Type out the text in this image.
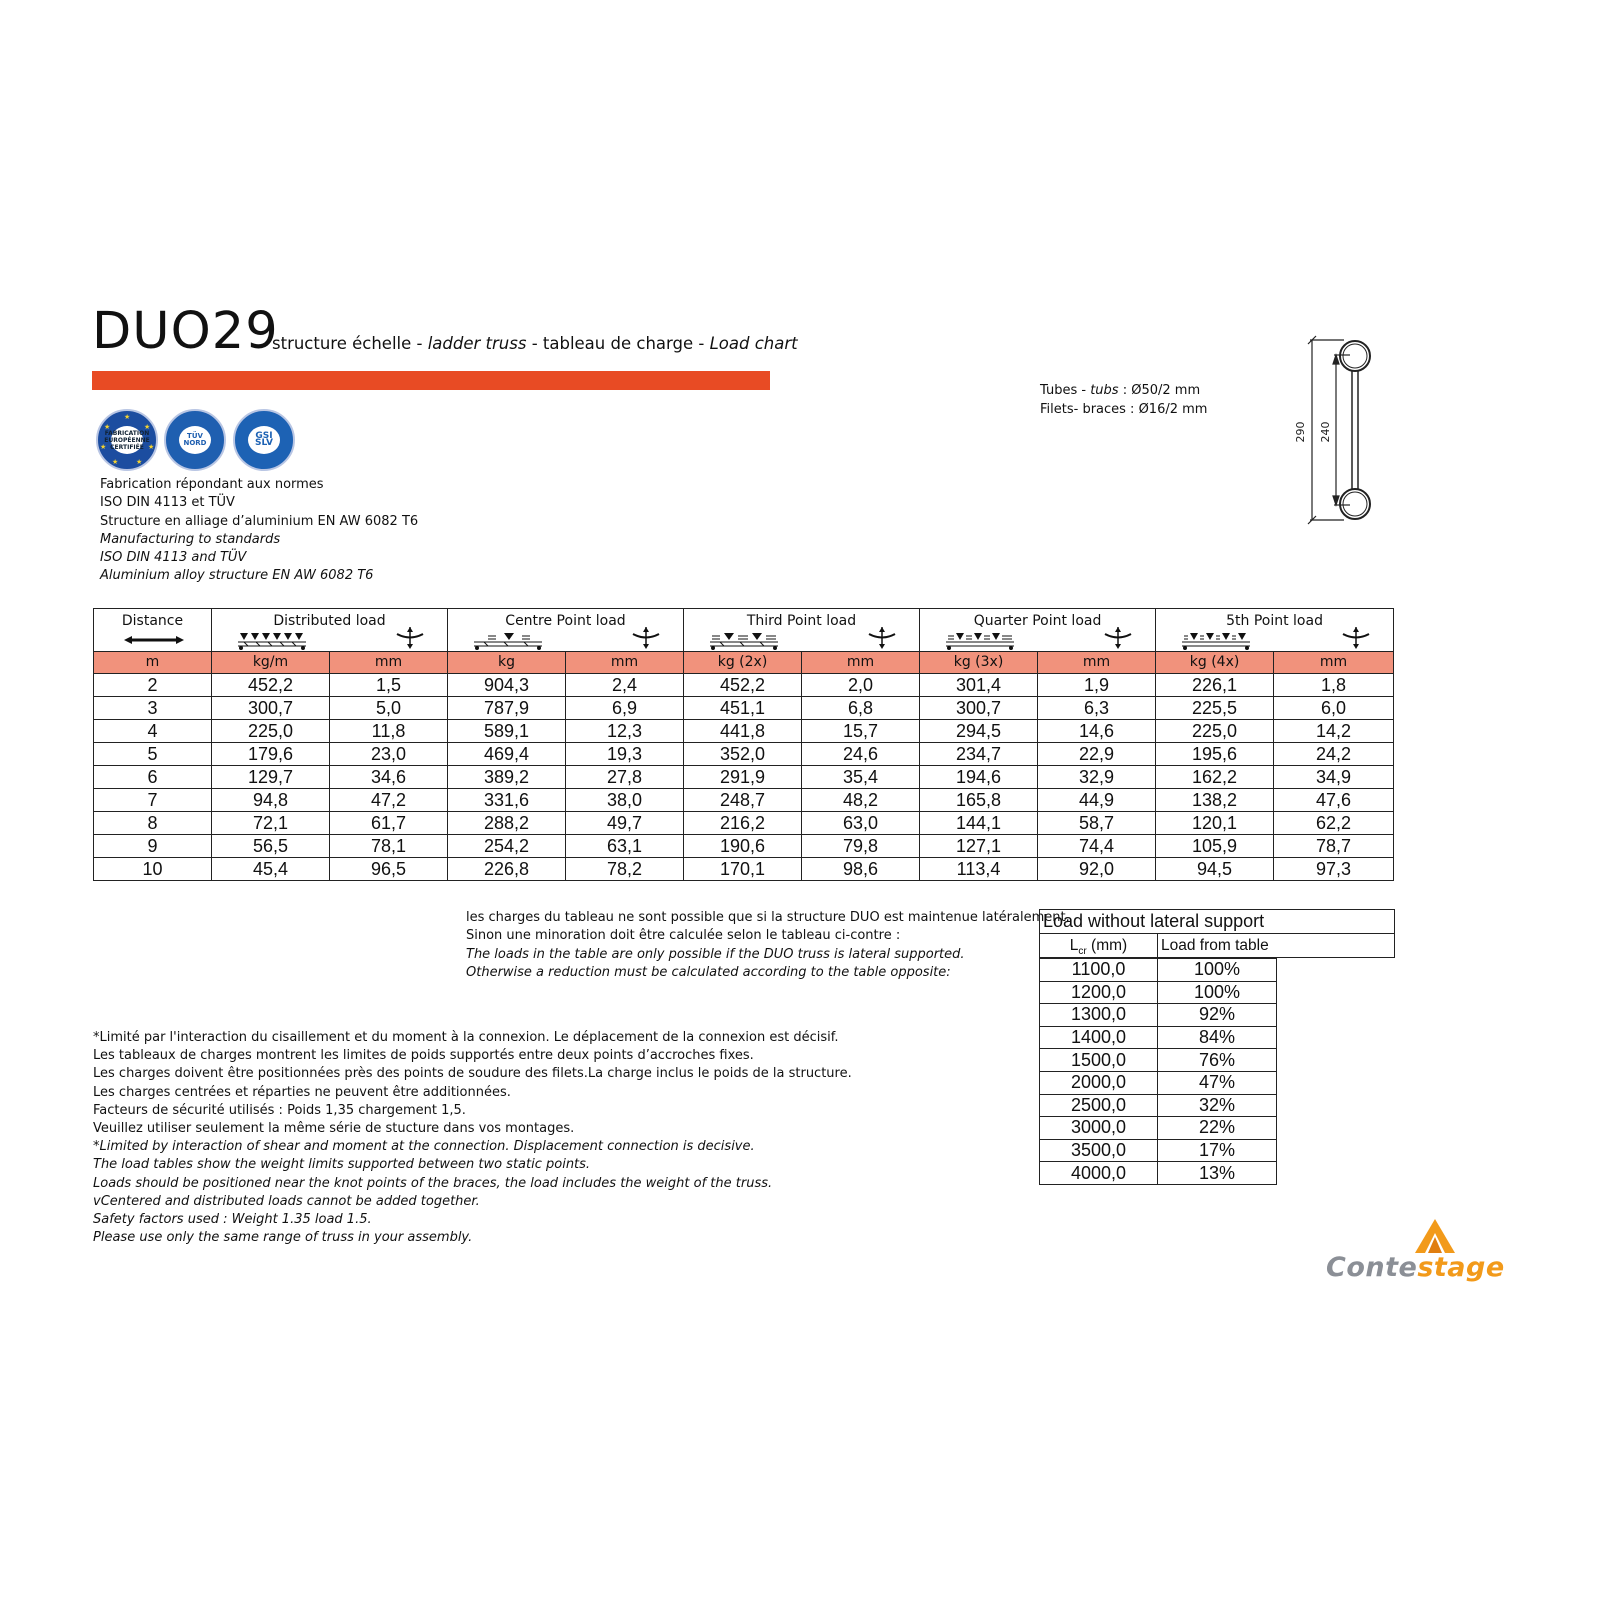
DUO29
structure échelle - ladder truss - tableau de charge - Load chart
★
★	★
★	★
★	★
FABRICATION EUROPÉENNE CERTIFIÉE
TÜV NORD
GSI SLV
Fabrication répondant aux normes
ISO DIN 4113 et TÜV
Structure en alliage d’aluminium EN AW 6082 T6
Manufacturing to standards
ISO DIN 4113 and TÜV
Aluminium alloy structure EN AW 6082 T6
Tubes - tubs : Ø50/2 mm
Filets- braces : Ø16/2 mm
290 240
Distance	Distributed load		Centre Point load		Third Point load		Quarter Point load		5th Point load	

m	kg/m	mm	kg	mm	kg (2x)	mm	kg (3x)	mm	kg (4x)	mm
2	452,2	1,5	904,3	2,4	452,2	2,0	301,4	1,9	226,1	1,8
3	300,7	5,0	787,9	6,9	451,1	6,8	300,7	6,3	225,5	6,0
4	225,0	11,8	589,1	12,3	441,8	15,7	294,5	14,6	225,0	14,2
5	179,6	23,0	469,4	19,3	352,0	24,6	234,7	22,9	195,6	24,2
6	129,7	34,6	389,2	27,8	291,9	35,4	194,6	32,9	162,2	34,9
7	94,8	47,2	331,6	38,0	248,7	48,2	165,8	44,9	138,2	47,6
8	72,1	61,7	288,2	49,7	216,2	63,0	144,1	58,7	120,1	62,2
9	56,5	78,1	254,2	63,1	190,6	79,8	127,1	74,4	105,9	78,7
10	45,4	96,5	226,8	78,2	170,1	98,6	113,4	92,0	94,5	97,3
les charges du tableau ne sont possible que si la structure DUO est maintenue latéralement.
Sinon une minoration doit être calculée selon le tableau ci-contre :
The loads in the table are only possible if the DUO truss is lateral supported.
Otherwise a reduction must be calculated according to the table opposite:
Load without lateral support
$L_{cr}$ (mm)	Load from table
1100,0	100%
1200,0	100%
1300,0	92%
1400,0	84%
1500,0	76%
2000,0	47%
2500,0	32%
3000,0	22%
3500,0	17%
4000,0	13%
*Limité par l'interaction du cisaillement et du moment à la connexion. Le déplacement de la connexion est décisif.
Les tableaux de charges montrent les limites de poids supportés entre deux points d’accroches fixes.
Les charges doivent être positionnées près des points de soudure des filets.La charge inclus le poids de la structure.
Les charges centrées et réparties ne peuvent être additionnées.
Facteurs de sécurité utilisés : Poids 1,35 chargement 1,5.
Veuillez utiliser seulement la même série de stucture dans vos montages.
*Limited by interaction of shear and moment at the connection. Displacement connection is decisive.
The load tables show the weight limits supported between two static points.
Loads should be positioned near the knot points of the braces, the load includes the weight of the truss.
vCentered and distributed loads cannot be added together.
Safety factors used : Weight 1.35 load 1.5.
Please use only the same range of truss in your assembly.
Contestage
